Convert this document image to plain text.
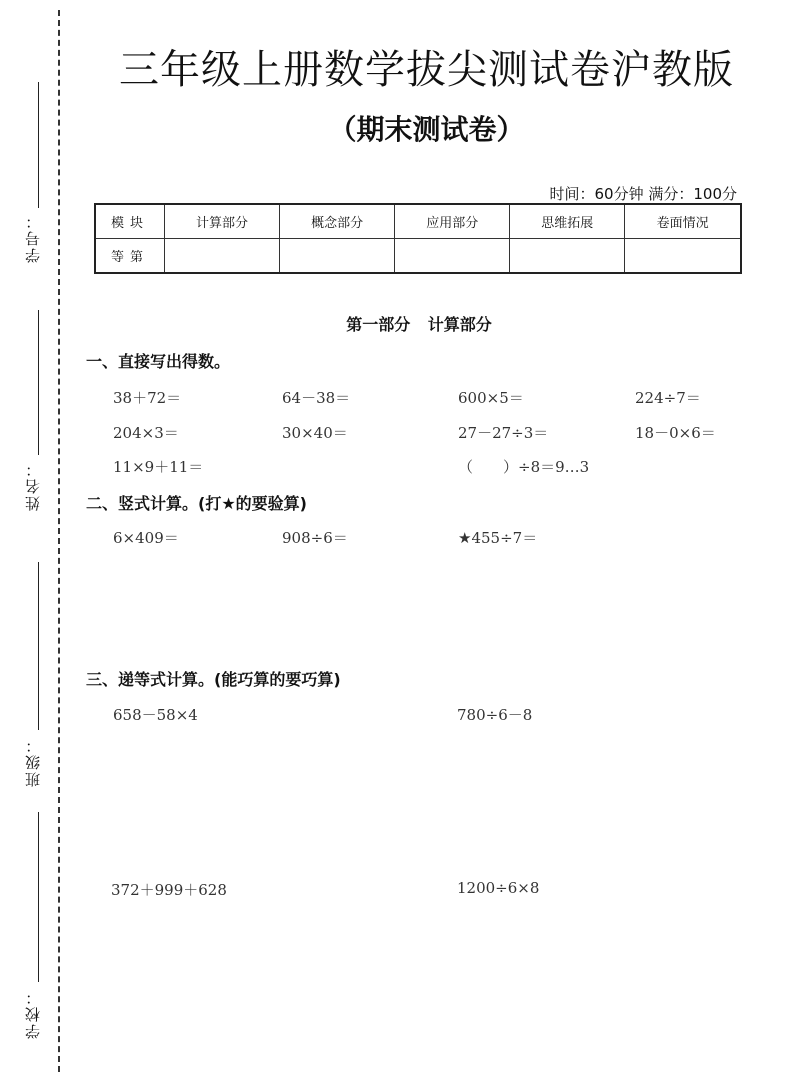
学号：
姓名：
班级：
学校：
三年级上册数学拔尖测试卷沪教版
（期末测试卷）
时间：60分钟 满分：100分
模块	计算部分	概念部分	应用部分	思维拓展	卷面情况
等第					
第一部分 计算部分
一、直接写出得数。
38＋72＝	64－38＝	600×5＝	224÷7＝
204×3＝	30×40＝	27－27÷3＝	18－0×6＝
11×9＋11＝	（　　）÷8＝9…3
二、竖式计算。(打★的要验算)
6×409＝	908÷6＝	★455÷7＝
三、递等式计算。(能巧算的要巧算)
658－58×4	780÷6－8
372＋999＋628	1200÷6×8
